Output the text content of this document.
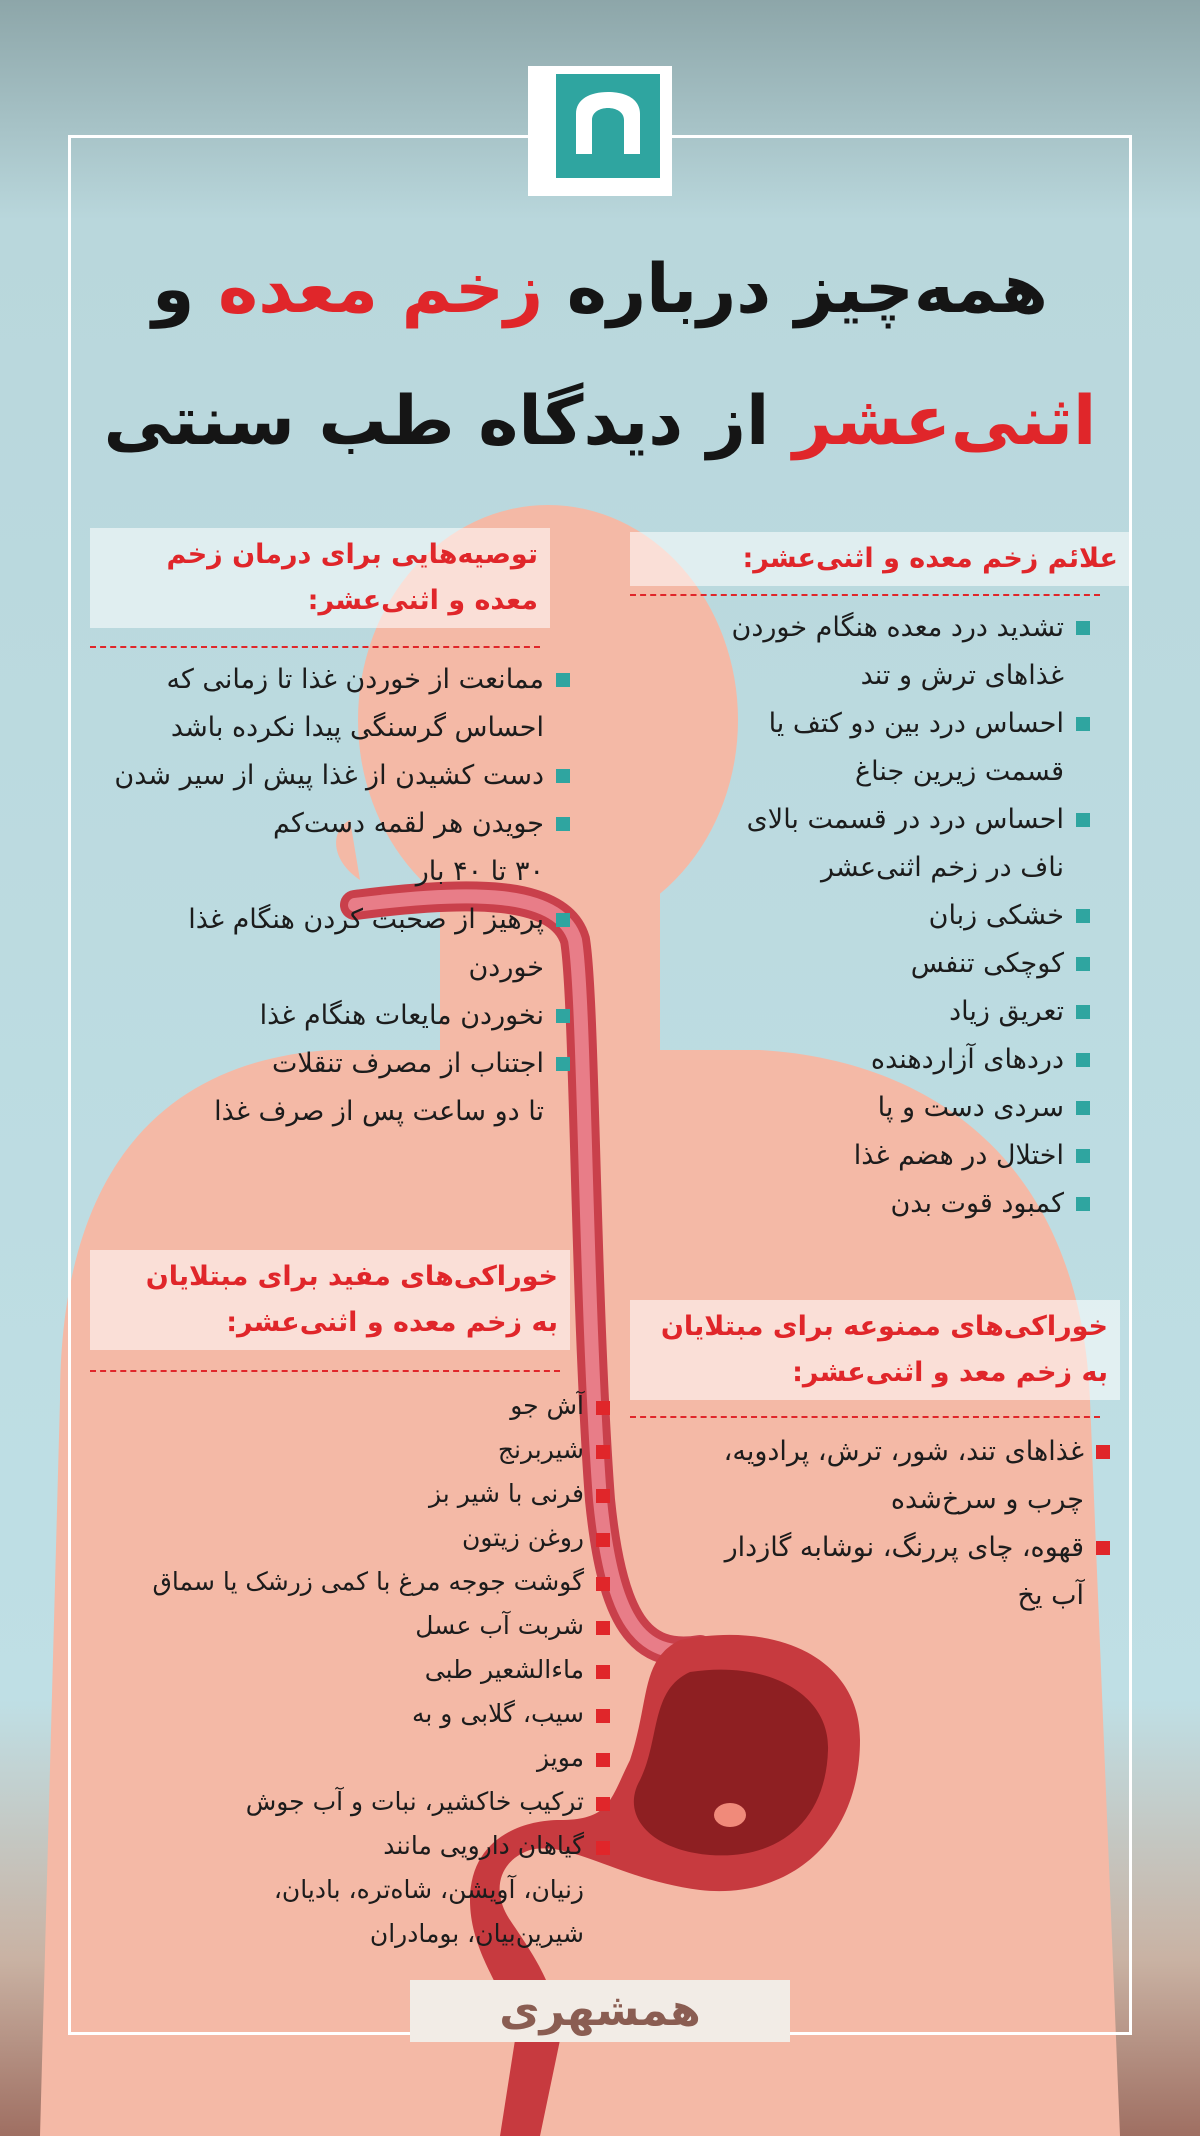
همه‌چیز درباره زخم معده و
اثنی‌عشر از دیدگاه طب سنتی
علائم زخم معده و اثنی‌عشر:
تشدید درد معده هنگام خوردن
غذاهای ترش و تند
احساس درد بین دو کتف یا
قسمت زیرین جناغ
احساس درد در قسمت بالای
ناف در زخم اثنی‌عشر
خشکی زبان
کوچکی تنفس
تعریق زیاد
دردهای آزاردهنده
سردی دست و پا
اختلال در هضم غذا
کمبود قوت بدن
توصیه‌هایی برای درمان زخم
معده و اثنی‌عشر:
ممانعت از خوردن غذا تا زمانی که
احساس گرسنگی پیدا نکرده باشد
دست کشیدن از غذا پیش از سیر شدن
جویدن هر لقمه دست‌کم
۳۰ تا ۴۰ بار
پرهیز از صحبت کردن هنگام غذا
خوردن
نخوردن مایعات هنگام غذا
اجتناب از مصرف تنقلات
تا دو ساعت پس از صرف غذا
خوراکی‌های مفید برای مبتلایان
به زخم معده و اثنی‌عشر:
آش جو
شیربرنج
فرنی با شیر بز
روغن زیتون
گوشت جوجه مرغ با کمی زرشک یا سماق
شربت آب عسل
ماءالشعیر طبی
سیب، گلابی و به
مویز
ترکیب خاکشیر، نبات و آب جوش
گیاهان دارویی مانند
زنیان، آویشن، شاه‌تره، بادیان،
شیرین‌بیان، بومادران
خوراکی‌های ممنوعه برای مبتلایان
به زخم معد و اثنی‌عشر:
غذاهای تند، شور، ترش، پرادویه،
چرب و سرخ‌شده
قهوه، چای پررنگ، نوشابه گازدار
آب یخ
همشهری
